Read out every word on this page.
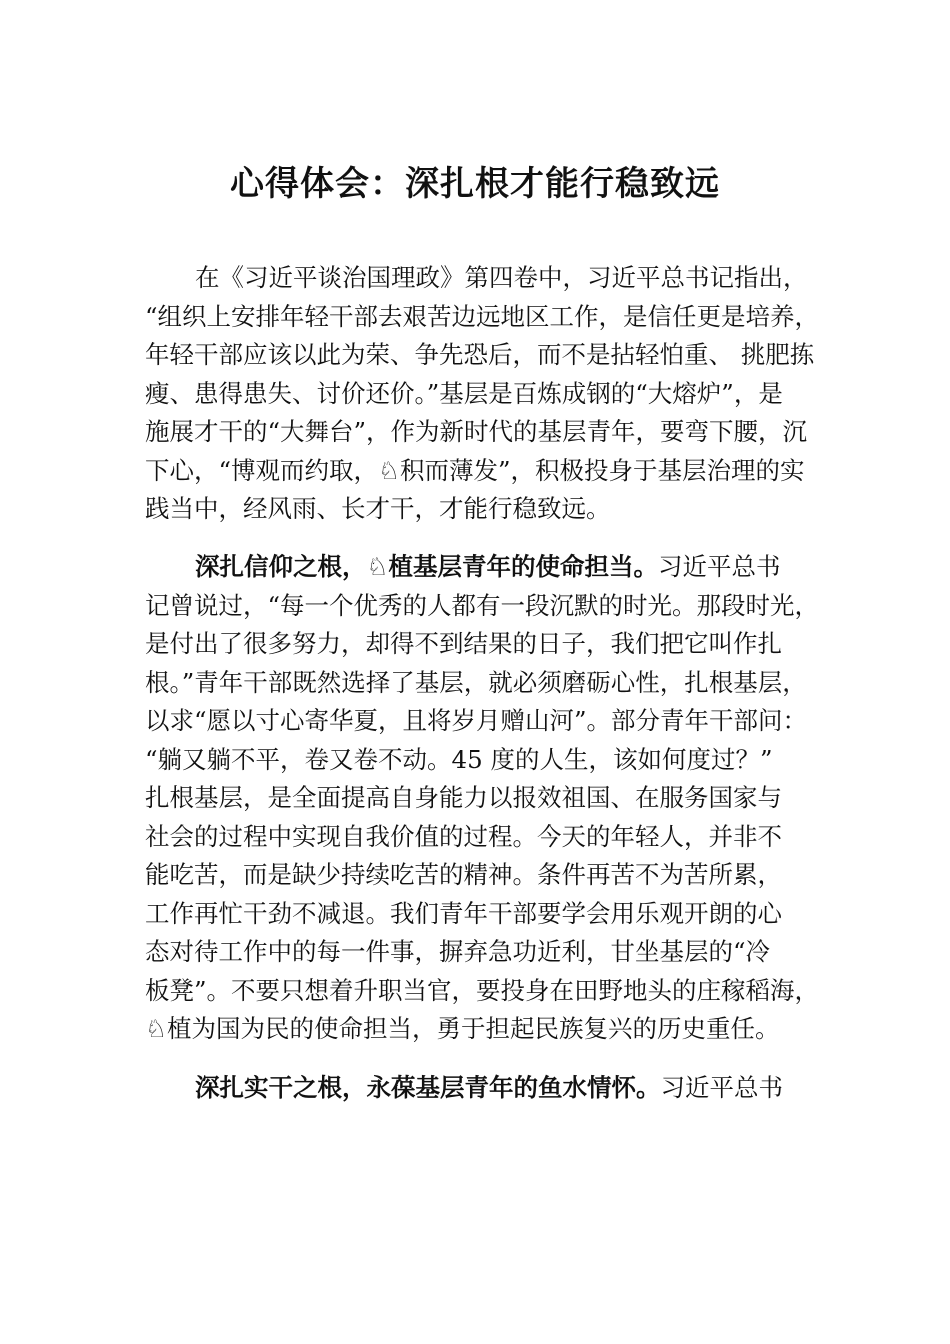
心得体会：深扎根才能行稳致远
在《习近平谈治国理政》第四卷中，习近平总书记指出，
“组织上安排年轻干部去艰苦边远地区工作，是信任更是培养，
年轻干部应该以此为荣、争先恐后，而不是拈轻怕重、 挑肥拣
瘦、患得患失、讨价还价。”基层是百炼成钢的“大熔炉”，是
施展才干的“大舞台”，作为新时代的基层青年，要弯下腰，沉
下心，“博观而约取，♘积而薄发”，积极投身于基层治理的实
践当中，经风雨、长才干，才能行稳致远。
深扎信仰之根，♘植基层青年的使命担当。习近平总书
记曾说过，“每一个优秀的人都有一段沉默的时光。那段时光，
是付出了很多努力，却得不到结果的日子，我们把它叫作扎
根。”青年干部既然选择了基层，就必须磨砺心性，扎根基层，
以求“愿以寸心寄华夏，且将岁月赠山河”。部分青年干部问：
“躺又躺不平，卷又卷不动。45 度的人生，该如何度过？”
扎根基层，是全面提高自身能力以报效祖国、在服务国家与
社会的过程中实现自我价值的过程。今天的年轻人，并非不
能吃苦，而是缺少持续吃苦的精神。条件再苦不为苦所累，
工作再忙干劲不减退。我们青年干部要学会用乐观开朗的心
态对待工作中的每一件事，摒弃急功近利，甘坐基层的“冷
板凳”。不要只想着升职当官，要投身在田野地头的庄稼稻海，
♘植为国为民的使命担当，勇于担起民族复兴的历史重任。
深扎实干之根，永葆基层青年的鱼水情怀。习近平总书
